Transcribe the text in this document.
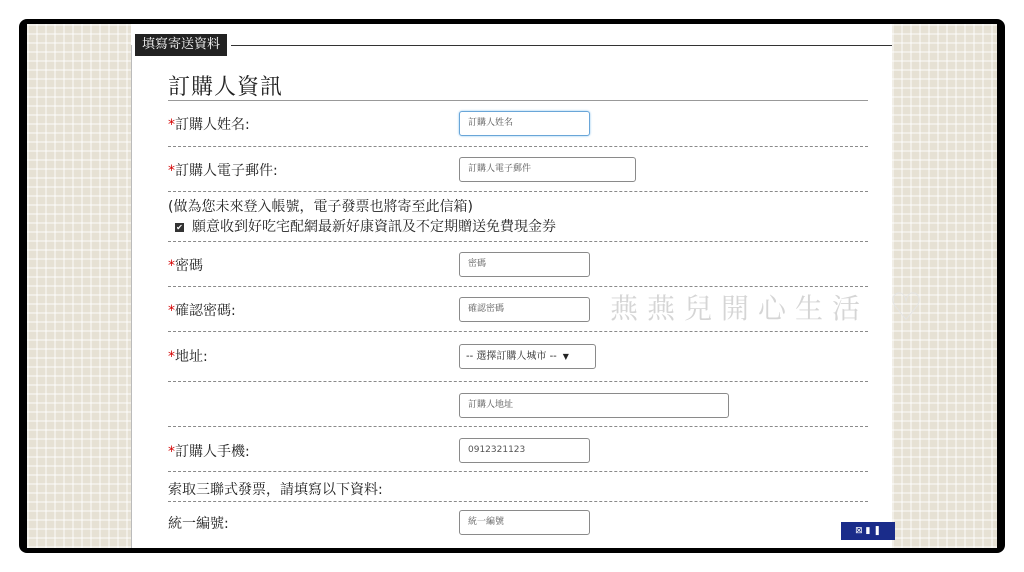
填寫寄送資料
訂購人資訊
*訂購人姓名:	訂購人姓名
*訂購人電子郵件:	訂購人電子郵件
(做為您未來登入帳號，電子發票也將寄至此信箱)
✔ 願意收到好吃宅配網最新好康資訊及不定期贈送免費現金券
*密碼	密碼
*確認密碼:	確認密碼
*地址:	-- 選擇訂購人城市 -- ▼
訂購人地址
*訂購人手機:	0912321123
索取三聯式發票，請填寫以下資料:
統一編號:	統一編號
燕燕兒開心生活 ♡
⊠ ▮ ❚
